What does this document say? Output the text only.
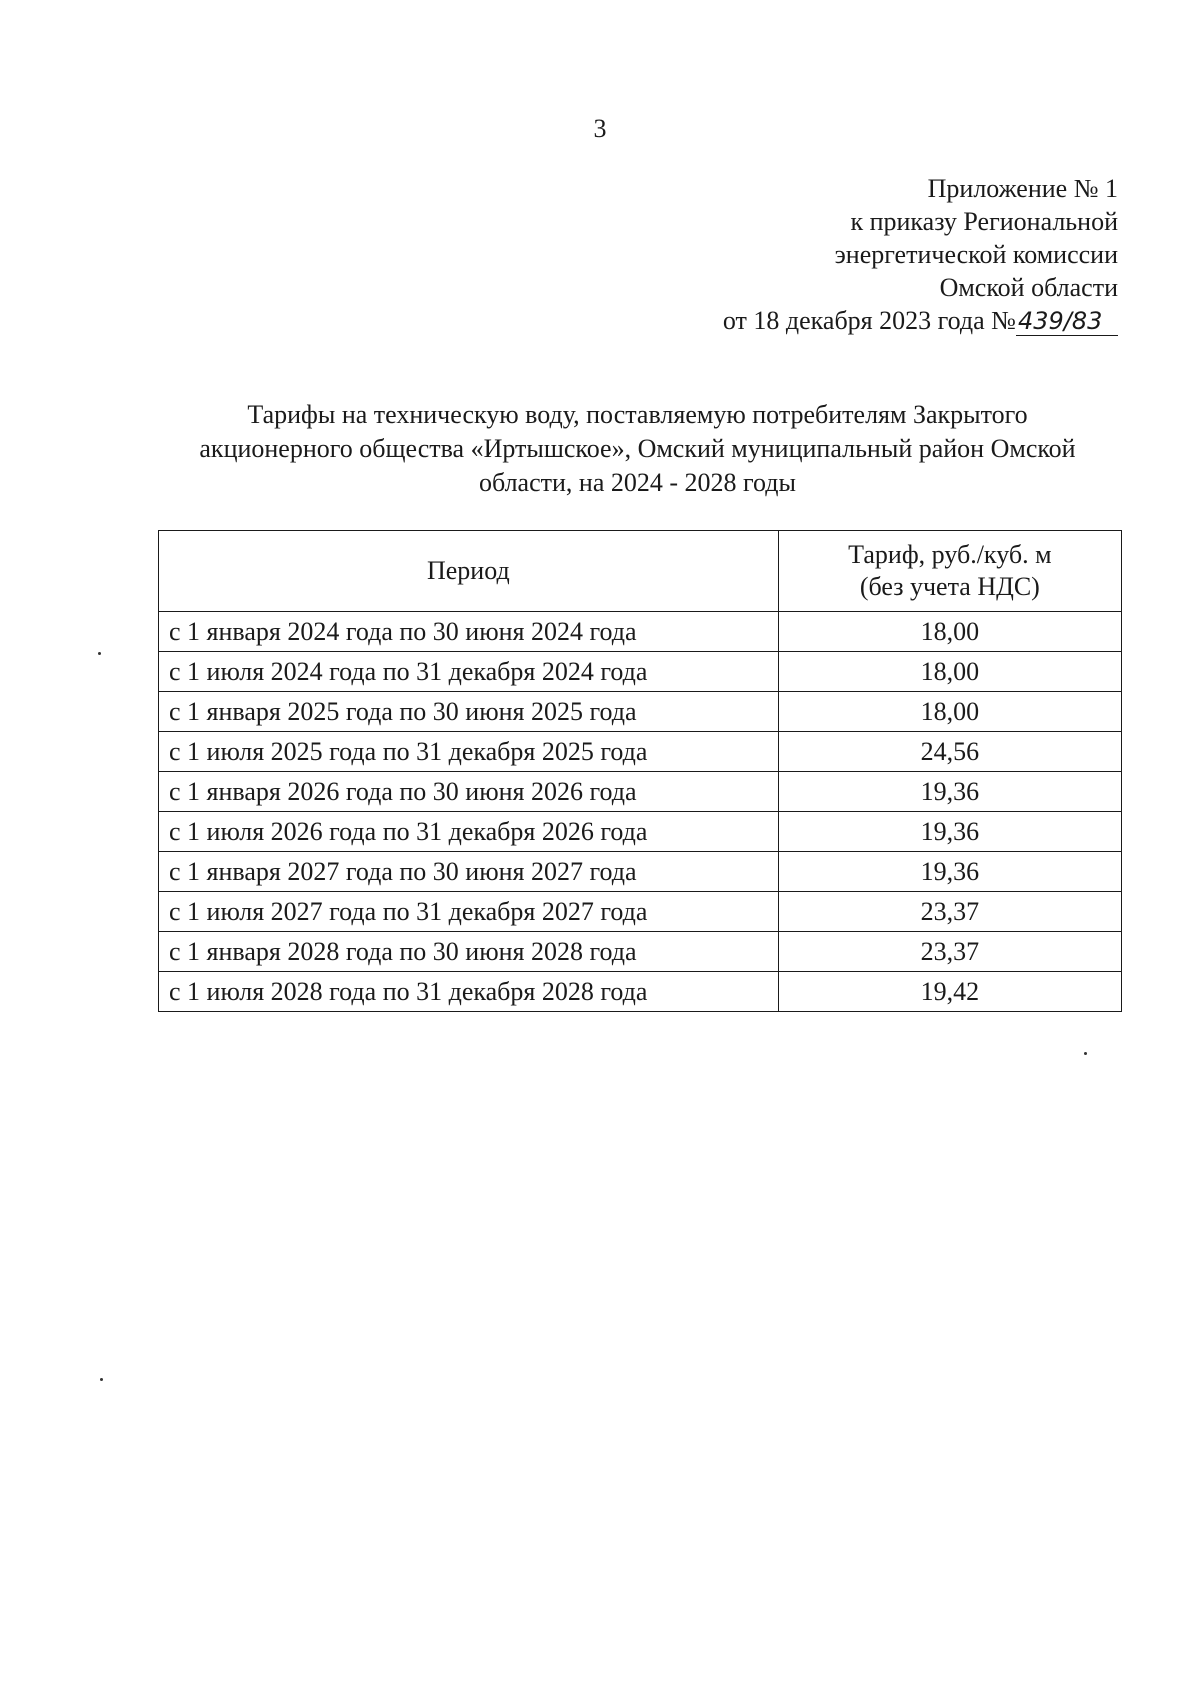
3
Приложение № 1
к приказу Региональной
энергетической комиссии
Омской области
от 18 декабря 2023 года №439/83
Тарифы на техническую воду, поставляемую потребителям Закрытого
акционерного общества «Иртышское», Омский муниципальный район Омской
области, на 2024 - 2028 годы
Период	Тариф, руб./куб. м
(без учета НДС)

с 1 января 2024 года по 30 июня 2024 года	18,00
с 1 июля 2024 года по 31 декабря 2024 года	18,00
с 1 января 2025 года по 30 июня 2025 года	18,00
с 1 июля 2025 года по 31 декабря 2025 года	24,56
с 1 января 2026 года по 30 июня 2026 года	19,36
с 1 июля 2026 года по 31 декабря 2026 года	19,36
с 1 января 2027 года по 30 июня 2027 года	19,36
с 1 июля 2027 года по 31 декабря 2027 года	23,37
с 1 января 2028 года по 30 июня 2028 года	23,37
с 1 июля 2028 года по 31 декабря 2028 года	19,42
